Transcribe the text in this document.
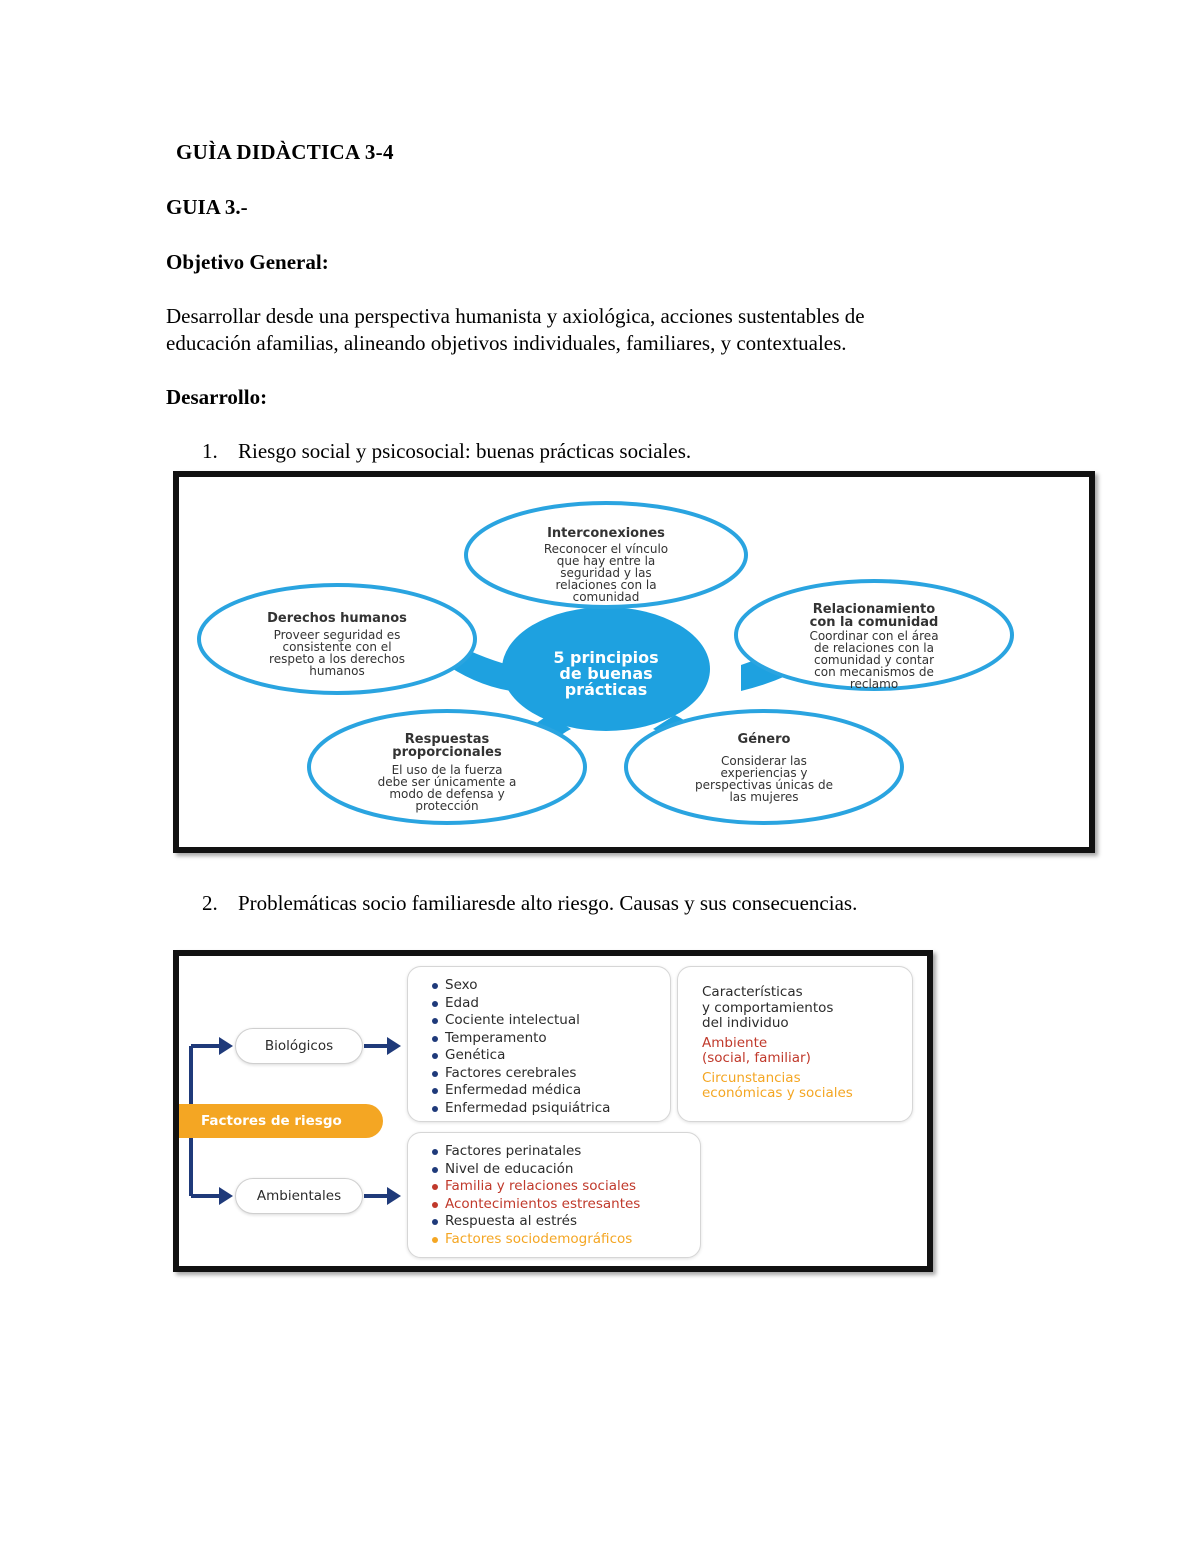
GUÌA DIDÀCTICA 3-4
GUIA 3.-
Objetivo General:
Desarrollar desde una perspectiva humanista y axiológica, acciones sustentables de
educación afamilias, alineando objetivos individuales, familiares, y contextuales.
Desarrollo:
1. Riesgo social y psicosocial: buenas prácticas sociales.
5 principios
de buenas
prácticas
Interconexiones
Reconocer el vínculo
que hay entre la
seguridad y las
relaciones con la
comunidad
Derechos humanos
Proveer seguridad es
consistente con el
respeto a los derechos
humanos
Relacionamiento
con la comunidad
Coordinar con el área
de relaciones con la
comunidad y contar
con mecanismos de
reclamo
Respuestas
proporcionales
El uso de la fuerza
debe ser únicamente a
modo de defensa y
protección
Género
Considerar las
experiencias y
perspectivas únicas de
las mujeres
2. Problemáticas socio familiaresde alto riesgo. Causas y sus consecuencias.
Factores de riesgo
Biológicos
Ambientales
Sexo
Edad
Cociente intelectual
Temperamento
Genética
Factores cerebrales
Enfermedad médica
Enfermedad psiquiátrica
Características
y comportamientos
del individuo
Ambiente
(social, familiar)
Circunstancias
económicas y sociales
Factores perinatales
Nivel de educación
Familia y relaciones sociales
Acontecimientos estresantes
Respuesta al estrés
Factores sociodemográficos
